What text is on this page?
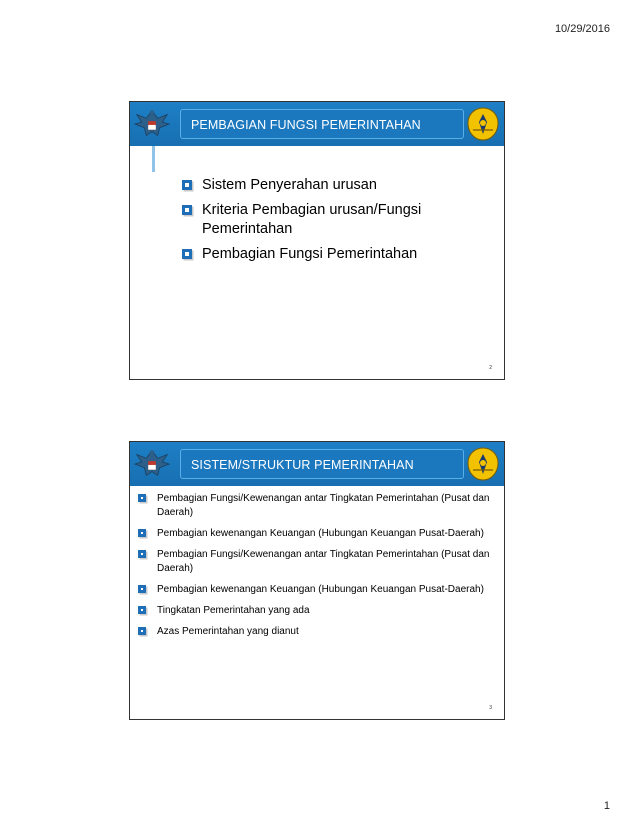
10/29/2016
PEMBAGIAN FUNGSI PEMERINTAHAN
Sistem Penyerahan urusan
Kriteria Pembagian urusan/Fungsi Pemerintahan
Pembagian Fungsi Pemerintahan
2
SISTEM/STRUKTUR PEMERINTAHAN
Pembagian Fungsi/Kewenangan antar Tingkatan Pemerintahan (Pusat dan Daerah)
Pembagian kewenangan Keuangan (Hubungan Keuangan Pusat-Daerah)
Pembagian Fungsi/Kewenangan antar Tingkatan Pemerintahan (Pusat dan Daerah)
Pembagian kewenangan Keuangan (Hubungan Keuangan Pusat-Daerah)
Tingkatan Pemerintahan yang ada
Azas Pemerintahan yang dianut
3
1
